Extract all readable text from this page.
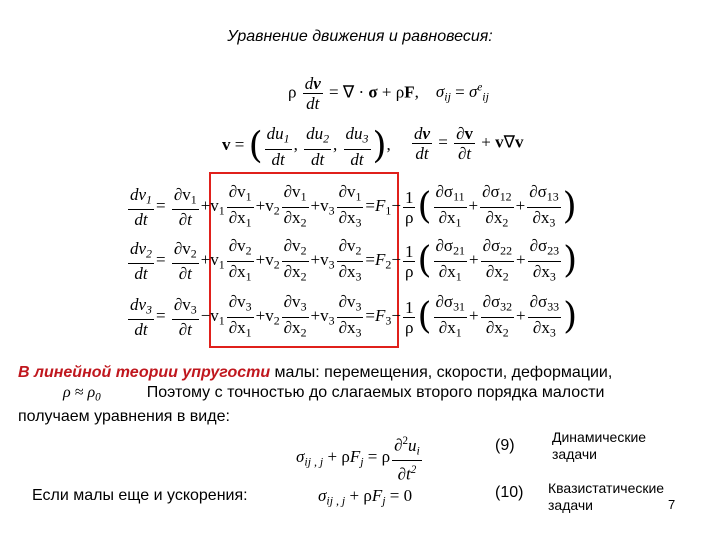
Уравнение движения и равновесия:
ρ $\frac{dv}{dt}$ = ∇ · σ + ρF,    $\sigma_{ij} = \sigma^e_{ij}$
v = ( $\frac{du_1}{dt}$ , $\frac{du_2}{dt}$ , $\frac{du_3}{dt}$ ), $\frac{dv}{dt} = \frac{\partial v}{\partial t} + v\nabla v$
$\frac{dv_1}{dt} = \frac{\partial v_1}{\partial t} +v_1 \frac{\partial v_1}{\partial x_1} +v_2 \frac{\partial v_1}{\partial x_2} +v_3 \frac{\partial v_1}{\partial x_3} =F_1- \frac{1}{\rho}$ ( $\frac{\partial\sigma_{11}}{\partial x_1} + \frac{\partial\sigma_{12}}{\partial x_2} + \frac{\partial\sigma_{13}}{\partial x_3}$ )
$\frac{dv_2}{dt} = \frac{\partial v_2}{\partial t} +v_1 \frac{\partial v_2}{\partial x_1} +v_2 \frac{\partial v_2}{\partial x_2} +v_3 \frac{\partial v_2}{\partial x_3} =F_2- \frac{1}{\rho}$ ( $\frac{\partial\sigma_{21}}{\partial x_1} + \frac{\partial\sigma_{22}}{\partial x_2} + \frac{\partial\sigma_{23}}{\partial x_3}$ )
$\frac{dv_3}{dt} = \frac{\partial v_3}{\partial t} -v_1 \frac{\partial v_3}{\partial x_1} +v_2 \frac{\partial v_3}{\partial x_2} +v_3 \frac{\partial v_3}{\partial x_3} =F_3- \frac{1}{\rho}$ ( $\frac{\partial\sigma_{31}}{\partial x_1} + \frac{\partial\sigma_{32}}{\partial x_2} + \frac{\partial\sigma_{33}}{\partial x_3}$ )
В линейной теории упругости малы: перемещения, скорости, деформации,
$\rho \approx \rho_0$	Поэтому с точностью до слагаемых второго порядка малости
получаем уравнения в виде:
$\sigma_{ij , j} + \rho F_j = \rho \frac{\partial^2u_i}{\partial t^2}$	(9)	Динамические
задачи
Если малы еще и ускорения:	$\sigma_{ij , j} + \rho F_j = 0$	(10) Квазистатические
задачи	7
